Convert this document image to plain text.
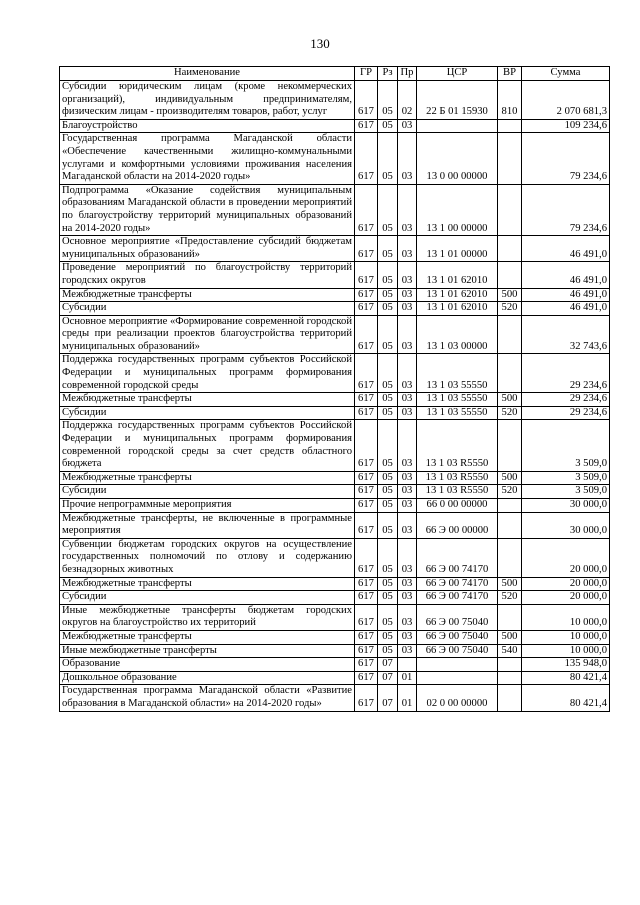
130
Наименование	ГР	Рз	Пр	ЦСР	ВР	Сумма
Субсидии юридическим лицам (кроме некоммерческих организаций), индивидуальным предпринимателям, физическим лицам - производителям товаров, работ, услуг	617	05	02	22 Б 01 15930	810	2 070 681,3
Благоустройство	617	05	03			109 234,6
Государственная программа Магаданской области «Обеспечение качественными жилищно-коммунальными услугами и комфортными условиями проживания населения Магаданской области на 2014-2020 годы»	617	05	03	13 0 00 00000		79 234,6
Подпрограмма «Оказание содействия муниципальным образованиям Магаданской области в проведении мероприятий по благоустройству территорий муниципальных образований на 2014-2020 годы»	617	05	03	13 1 00 00000		79 234,6
Основное мероприятие «Предоставление субсидий бюджетам муниципальных образований»	617	05	03	13 1 01 00000		46 491,0
Проведение мероприятий по благоустройству территорий городских округов	617	05	03	13 1 01 62010		46 491,0
Межбюджетные трансферты	617	05	03	13 1 01 62010	500	46 491,0
Субсидии	617	05	03	13 1 01 62010	520	46 491,0
Основное мероприятие «Формирование современной городской среды при реализации проектов благоустройства территорий муниципальных образований»	617	05	03	13 1 03 00000		32 743,6
Поддержка государственных программ субъектов Российской Федерации и муниципальных программ формирования современной городской среды	617	05	03	13 1 03 55550		29 234,6
Межбюджетные трансферты	617	05	03	13 1 03 55550	500	29 234,6
Субсидии	617	05	03	13 1 03 55550	520	29 234,6
Поддержка государственных программ субъектов Российской Федерации и муниципальных программ формирования современной городской среды за счет средств областного бюджета	617	05	03	13 1 03 R5550		3 509,0
Межбюджетные трансферты	617	05	03	13 1 03 R5550	500	3 509,0
Субсидии	617	05	03	13 1 03 R5550	520	3 509,0
Прочие непрограммные мероприятия	617	05	03	66 0 00 00000		30 000,0
Межбюджетные трансферты, не включенные в программные мероприятия	617	05	03	66 Э 00 00000		30 000,0
Субвенции бюджетам городских округов на осуществление государственных полномочий по отлову и содержанию безнадзорных животных	617	05	03	66 Э 00 74170		20 000,0
Межбюджетные трансферты	617	05	03	66 Э 00 74170	500	20 000,0
Субсидии	617	05	03	66 Э 00 74170	520	20 000,0
Иные межбюджетные трансферты бюджетам городских округов на благоустройство их территорий	617	05	03	66 Э 00 75040		10 000,0
Межбюджетные трансферты	617	05	03	66 Э 00 75040	500	10 000,0
Иные межбюджетные трансферты	617	05	03	66 Э 00 75040	540	10 000,0
Образование	617	07				135 948,0
Дошкольное образование	617	07	01			80 421,4
Государственная программа Магаданской области «Развитие образования в Магаданской области» на 2014-2020 годы»	617	07	01	02 0 00 00000		80 421,4
